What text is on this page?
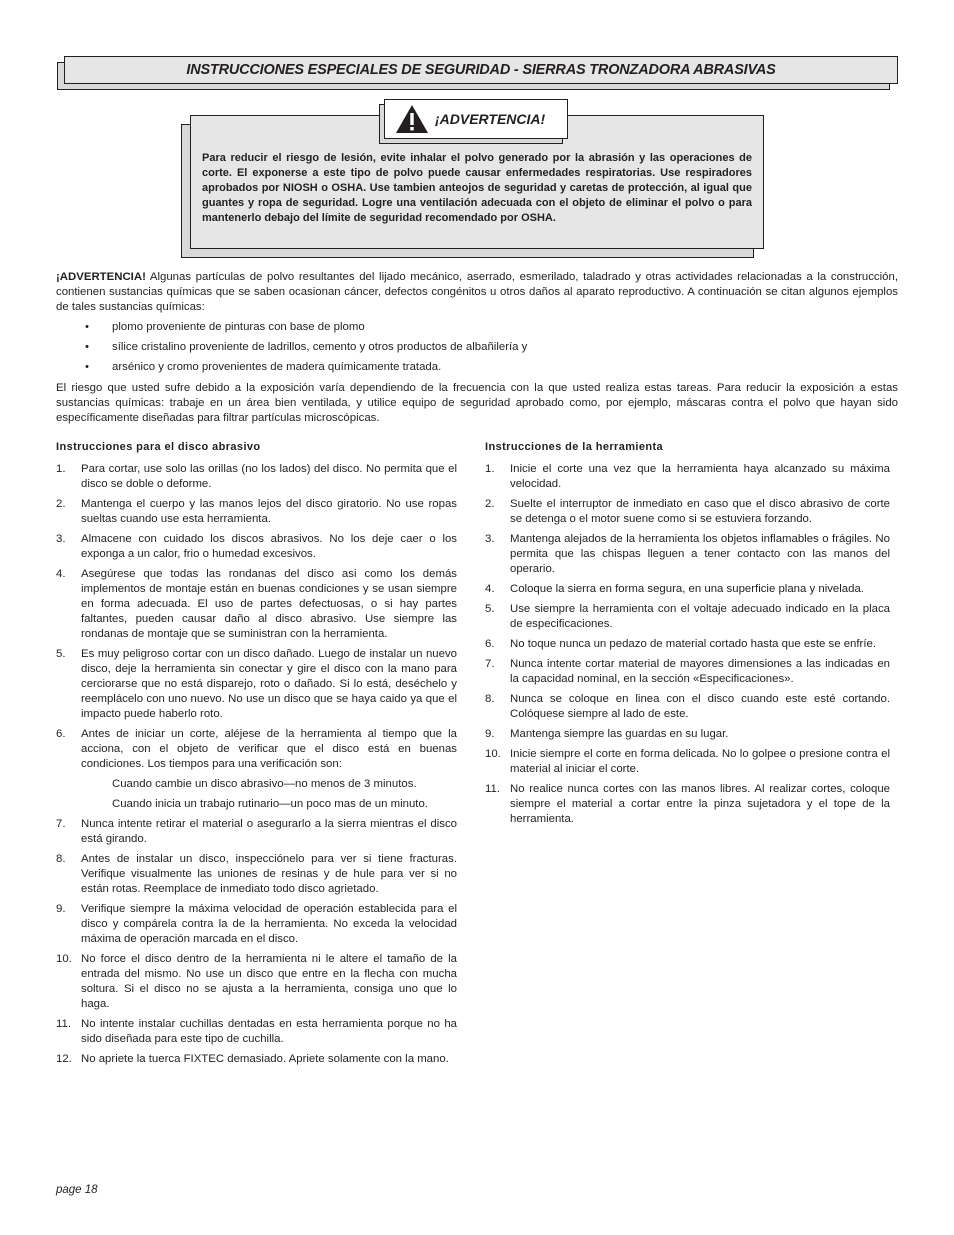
INSTRUCCIONES ESPECIALES DE SEGURIDAD - SIERRAS TRONZADORA ABRASIVAS
¡ADVERTENCIA!
Para reducir el riesgo de lesión, evite inhalar el polvo generado por la abrasión y las operaciones de corte. El exponerse a este tipo de polvo puede causar enfermedades respiratorias. Use respiradores aprobados por NIOSH o OSHA. Use tambien anteojos de seguridad y caretas de protección, al igual que guantes y ropa de seguridad. Logre una ventilación adecuada con el objeto de eliminar el polvo o para mantenerlo debajo del límite de seguridad recomendado por OSHA.
¡ADVERTENCIA! Algunas partículas de polvo resultantes del lijado mecánico, aserrado, esmerilado, taladrado y otras actividades relacionadas a la construcción, contienen sustancias químicas que se saben ocasionan cáncer, defectos congénitos u otros daños al aparato reproductivo. A continuación se citan algunos ejemplos de tales sustancias químicas:
• plomo proveniente de pinturas con base de plomo
• sílice cristalino proveniente de ladrillos, cemento y otros productos de albañilería y
• arsénico y cromo provenientes de madera químicamente tratada.
El riesgo que usted sufre debido a la exposición varía dependiendo de la frecuencia con la que usted realiza estas tareas. Para reducir la exposición a estas sustancias químicas: trabaje en un área bien ventilada, y utilice equipo de seguridad aprobado como, por ejemplo, máscaras contra el polvo que hayan sido específicamente diseñadas para filtrar partículas microscópicas.
Instrucciones para el disco abrasivo
1.	Para cortar, use solo las orillas (no los lados) del disco. No permita que el disco se doble o deforme.
2.	Mantenga el cuerpo y las manos lejos del disco giratorio. No use ropas sueltas cuando use esta herramienta.
3.	Almacene con cuidado los discos abrasivos. No los deje caer o los exponga a un calor, frio o humedad excesivos.
4.	Asegúrese que todas las rondanas del disco asi como los demás implementos de montaje están en buenas condiciones y se usan siempre en forma adecuada. El uso de partes defectuosas, o si hay partes faltantes, pueden causar daño al disco abrasivo. Use siempre las rondanas de montaje que se suministran con la herramienta.
5.	Es muy peligroso cortar con un disco dañado. Luego de instalar un nuevo disco, deje la herramienta sin conectar y gire el disco con la mano para cerciorarse que no está disparejo, roto o dañado. Si lo está, deséchelo y reemplácelo con uno nuevo. No use un disco que se haya caido ya que el impacto puede haberlo roto.
6.	Antes de iniciar un corte, aléjese de la herramienta al tiempo que la acciona, con el objeto de verificar que el disco está en buenas condiciones. Los tiempos para una verificación son:
Cuando cambie un disco abrasivo—no menos de 3 minutos.
Cuando inicia un trabajo rutinario—un poco mas de un minuto.
7.	Nunca intente retirar el material o asegurarlo a la sierra mientras el disco está girando.
8.	Antes de instalar un disco, inspecciónelo para ver si tiene fracturas. Verifique visualmente las uniones de resinas y de hule para ver si no están rotas. Reemplace de inmediato todo disco agrietado.
9.	Verifique siempre la máxima velocidad de operación establecida para el disco y compárela contra la de la herramienta. No exceda la velocidad máxima de operación marcada en el disco.
10. No force el disco dentro de la herramienta ni le altere el tamaño de la entrada del mismo. No use un disco que entre en la flecha con mucha soltura. Si el disco no se ajusta a la herramienta, consiga uno que lo haga.
11. No intente instalar cuchillas dentadas en esta herramienta porque no ha sido diseñada para este tipo de cuchilla.
12. No apriete la tuerca FIXTEC demasiado. Apriete solamente con la mano.
Instrucciones de la herramienta
1.	Inicie el corte una vez que la herramienta haya alcanzado su máxima velocidad.
2.	Suelte el interruptor de inmediato en caso que el disco abrasivo de corte se detenga o el motor suene como si se estuviera forzando.
3.	Mantenga alejados de la herramienta los objetos inflamables o frágiles. No permita que las chispas lleguen a tener contacto con las manos del operario.
4.	Coloque la sierra en forma segura, en una superficie plana y nivelada.
5.	Use siempre la herramienta con el voltaje adecuado indicado en la placa de especificaciones.
6.	No toque nunca un pedazo de material cortado hasta que este se enfríe.
7.	Nunca intente cortar material de mayores dimensiones a las indicadas en la capacidad nominal, en la sección «Especificaciones».
8.	Nunca se coloque en linea con el disco cuando este esté cortando. Colóquese siempre al lado de este.
9.	Mantenga siempre las guardas en su lugar.
10. Inicie siempre el corte en forma delicada. No lo golpee o presione contra el material al iniciar el corte.
11. No realice nunca cortes con las manos libres. Al realizar cortes, coloque siempre el material a cortar entre la pinza sujetadora y el tope de la herramienta.
page 18
